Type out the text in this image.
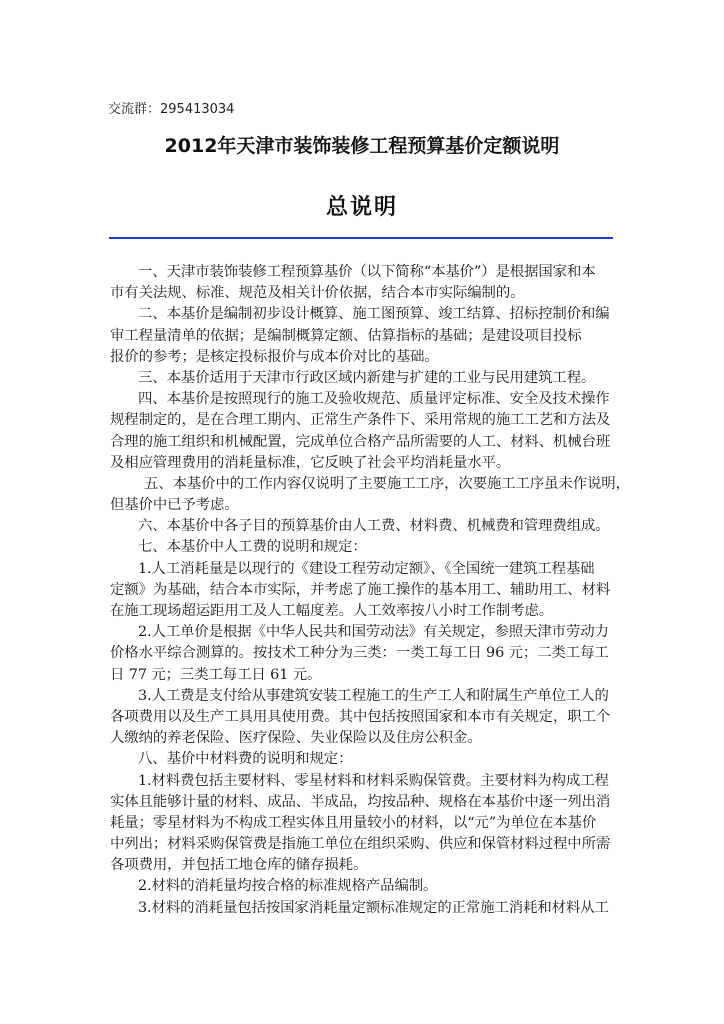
交流群：295413034
2012年天津市装饰装修工程预算基价定额说明
总说明
一、天津市装饰装修工程预算基价（以下简称“本基价”）是根据国家和本
市有关法规、标准、规范及相关计价依据，结合本市实际编制的。
二、本基价是编制初步设计概算、施工图预算、竣工结算、招标控制价和编
审工程量清单的依据；是编制概算定额、估算指标的基础；是建设项目投标
报价的参考；是核定投标报价与成本价对比的基础。
三、本基价适用于天津市行政区域内新建与扩建的工业与民用建筑工程。
四、本基价是按照现行的施工及验收规范、质量评定标准、安全及技术操作
规程制定的，是在合理工期内、正常生产条件下、采用常规的施工工艺和方法及
合理的施工组织和机械配置，完成单位合格产品所需要的人工、材料、机械台班
及相应管理费用的消耗量标准，它反映了社会平均消耗量水平。
五、本基价中的工作内容仅说明了主要施工工序，次要施工工序虽未作说明，
但基价中已予考虑。
六、本基价中各子目的预算基价由人工费、材料费、机械费和管理费组成。
七、本基价中人工费的说明和规定：
1.人工消耗量是以现行的《建设工程劳动定额》、《全国统一建筑工程基础
定额》为基础，结合本市实际，并考虑了施工操作的基本用工、辅助用工、材料
在施工现场超运距用工及人工幅度差。人工效率按八小时工作制考虑。
2.人工单价是根据《中华人民共和国劳动法》有关规定，参照天津市劳动力
价格水平综合测算的。按技术工种分为三类：一类工每工日 96 元；二类工每工
日 77 元；三类工每工日 61 元。
3.人工费是支付给从事建筑安装工程施工的生产工人和附属生产单位工人的
各项费用以及生产工具用具使用费。其中包括按照国家和本市有关规定，职工个
人缴纳的养老保险、医疗保险、失业保险以及住房公积金。
八、基价中材料费的说明和规定：
1.材料费包括主要材料、零星材料和材料采购保管费。主要材料为构成工程
实体且能够计量的材料、成品、半成品，均按品种、规格在本基价中逐一列出消
耗量；零星材料为不构成工程实体且用量较小的材料，以“元”为单位在本基价
中列出；材料采购保管费是指施工单位在组织采购、供应和保管材料过程中所需
各项费用，并包括工地仓库的储存损耗。
2.材料的消耗量均按合格的标准规格产品编制。
3.材料的消耗量包括按国家消耗量定额标准规定的正常施工消耗和材料从工
